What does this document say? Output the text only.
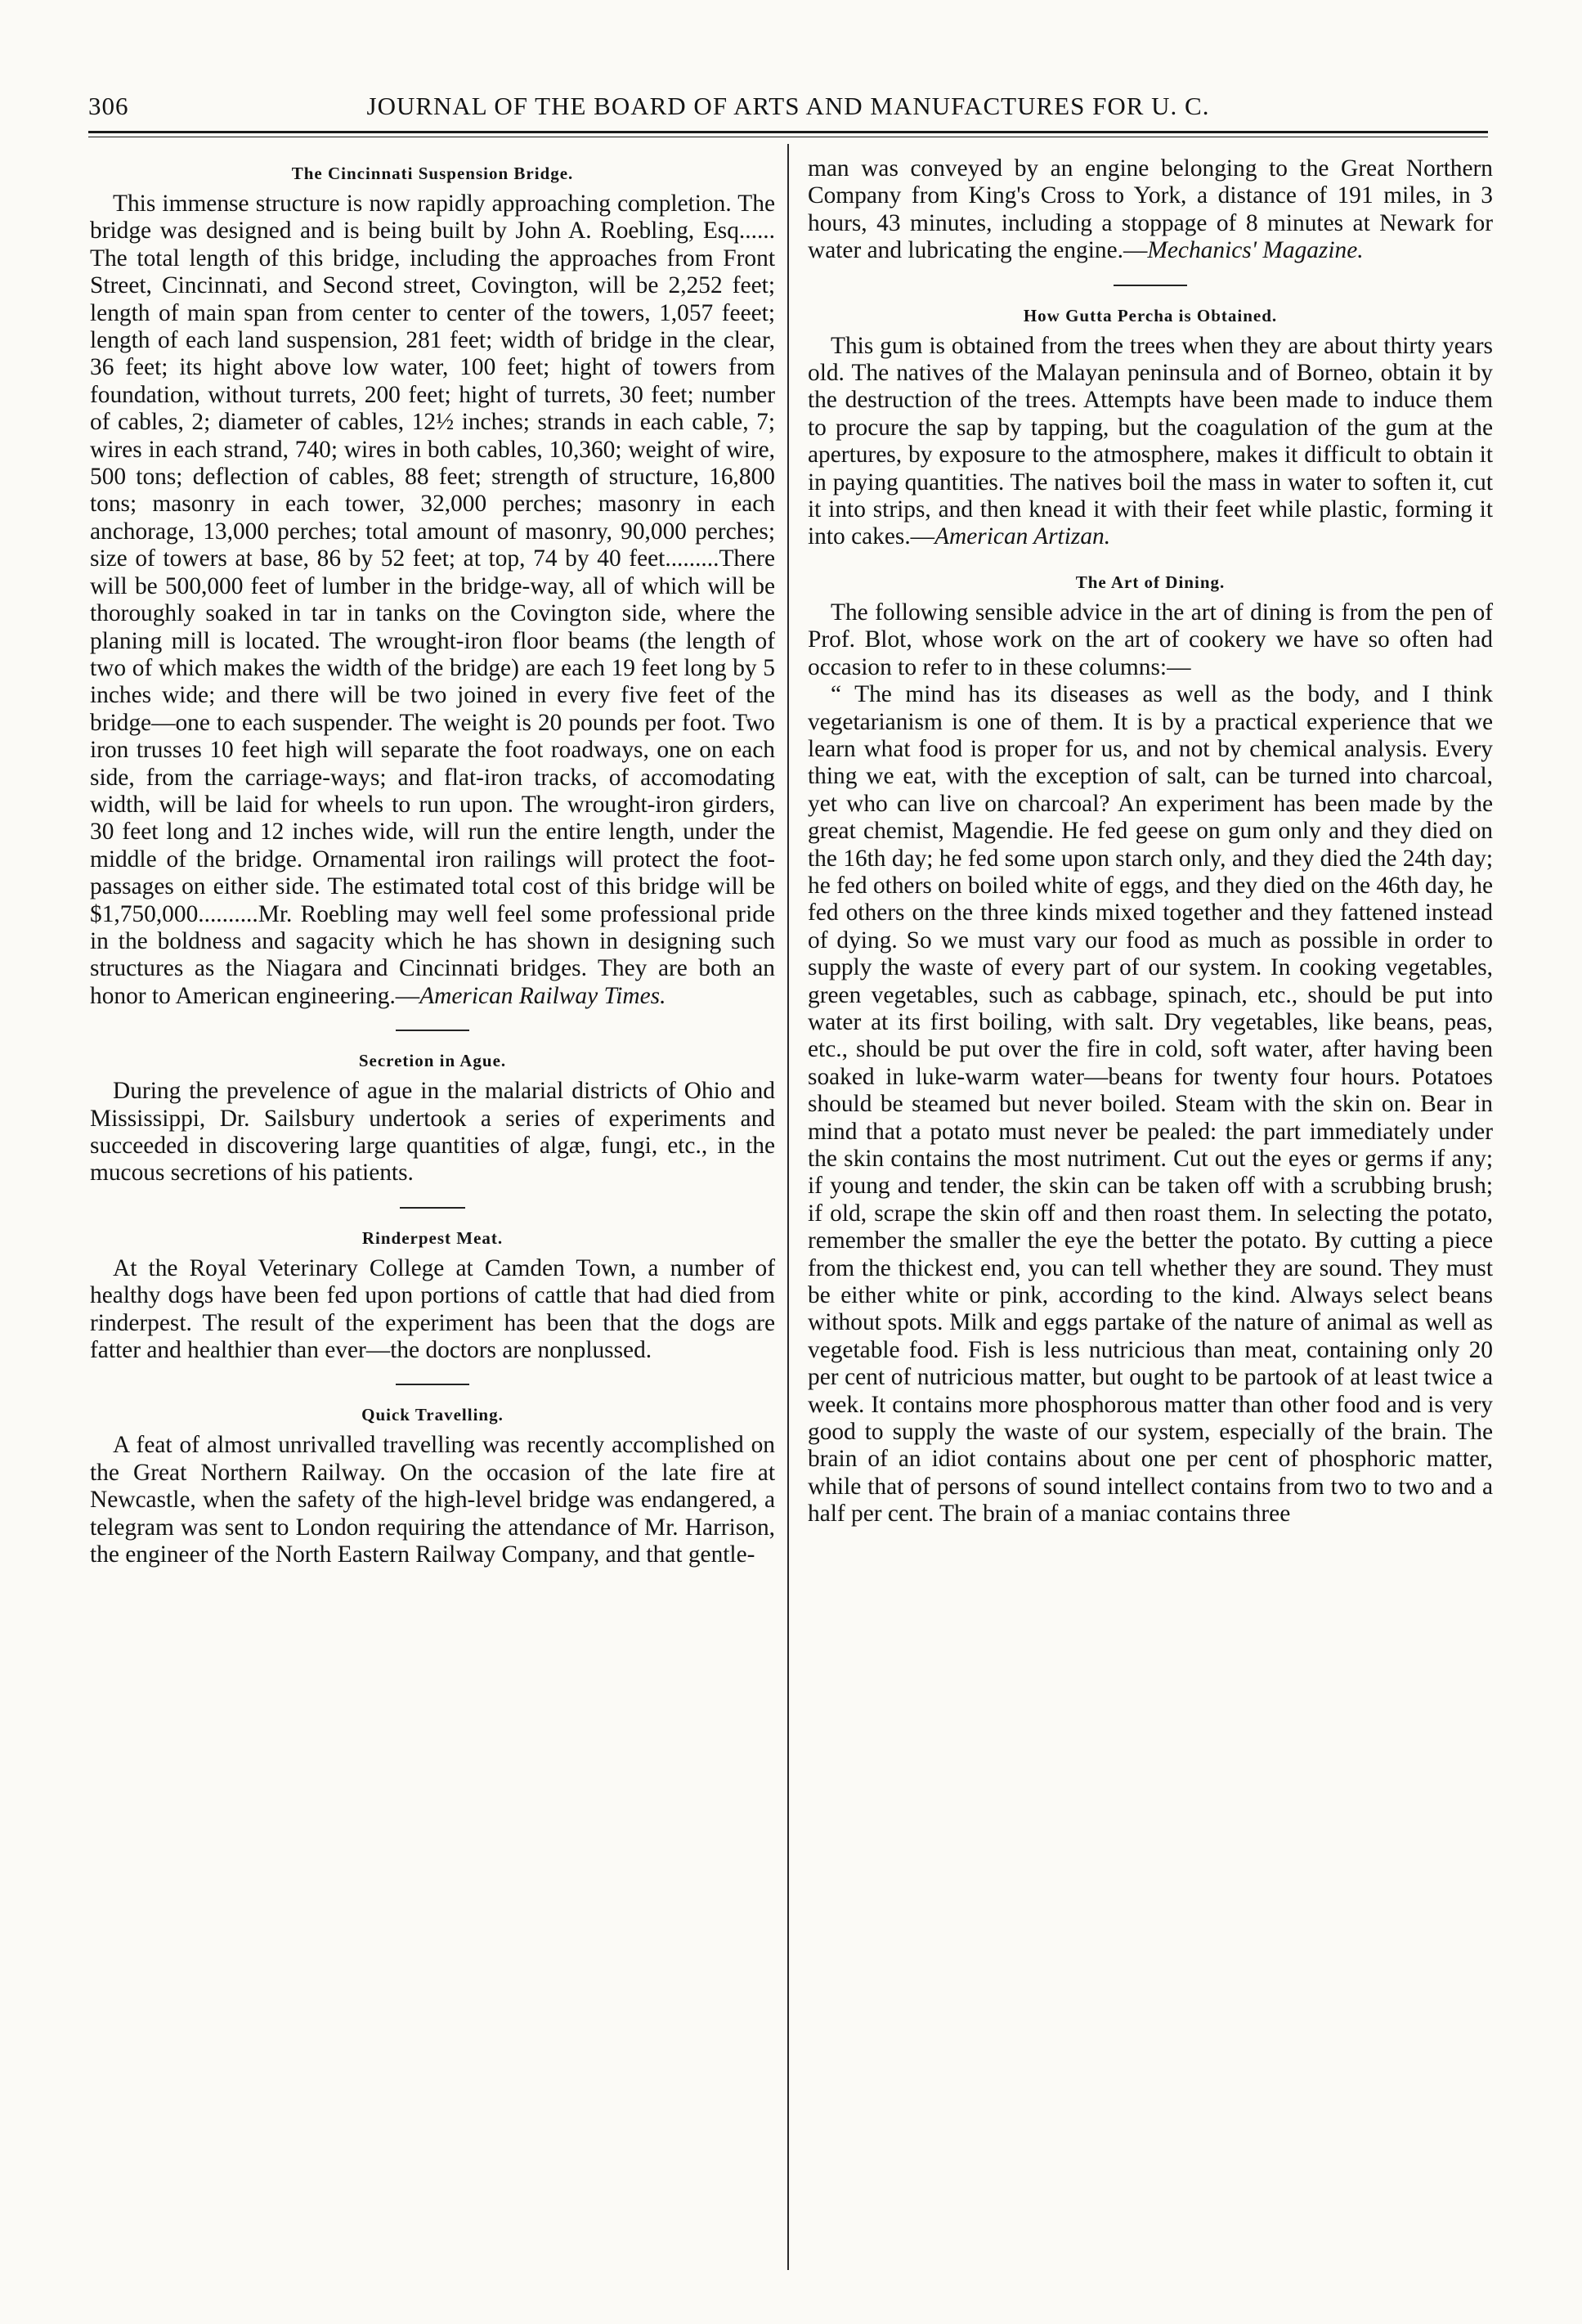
306	JOURNAL OF THE BOARD OF ARTS AND MANUFACTURES FOR U. C.
The Cincinnati Suspension Bridge.

This immense structure is now rapidly approaching completion. The bridge was designed and is being built by John A. Roebling, Esq...... The total length of this bridge, including the approaches from Front Street, Cincinnati, and Second street, Covington, will be 2,252 feet; length of main span from center to center of the towers, 1,057 feeet; length of each land suspension, 281 feet; width of bridge in the clear, 36 feet; its hight above low water, 100 feet; hight of towers from foundation, without turrets, 200 feet; hight of turrets, 30 feet; number of cables, 2; diameter of cables, 12½ inches; strands in each cable, 7; wires in each strand, 740; wires in both cables, 10,360; weight of wire, 500 tons; deflection of cables, 88 feet; strength of structure, 16,800 tons; masonry in each tower, 32,000 perches; masonry in each anchorage, 13,000 perches; total amount of masonry, 90,000 perches; size of towers at base, 86 by 52 feet; at top, 74 by 40 feet.........There will be 500,000 feet of lumber in the bridge-way, all of which will be thoroughly soaked in tar in tanks on the Covington side, where the planing mill is located. The wrought-iron floor beams (the length of two of which makes the width of the bridge) are each 19 feet long by 5 inches wide; and there will be two joined in every five feet of the bridge—one to each suspender. The weight is 20 pounds per foot. Two iron trusses 10 feet high will separate the foot roadways, one on each side, from the carriage-ways; and flat-iron tracks, of accomodating width, will be laid for wheels to run upon. The wrought-iron girders, 30 feet long and 12 inches wide, will run the entire length, under the middle of the bridge. Ornamental iron railings will protect the foot-passages on either side. The estimated total cost of this bridge will be $1,750,000..........Mr. Roebling may well feel some professional pride in the boldness and sagacity which he has shown in designing such structures as the Niagara and Cincinnati bridges. They are both an honor to American engineering.—American Railway Times.

Secretion in Ague.

During the prevelence of ague in the malarial districts of Ohio and Mississippi, Dr. Sailsbury undertook a series of experiments and succeeded in discovering large quantities of algæ, fungi, etc., in the mucous secretions of his patients.

Rinderpest Meat.

At the Royal Veterinary College at Camden Town, a number of healthy dogs have been fed upon portions of cattle that had died from rinderpest. The result of the experiment has been that the dogs are fatter and healthier than ever—the doctors are nonplussed.

Quick Travelling.

A feat of almost unrivalled travelling was recently accomplished on the Great Northern Railway. On the occasion of the late fire at Newcastle, when the safety of the high-level bridge was endangered, a telegram was sent to London requiring the attendance of Mr. Harrison, the engineer of the North Eastern Railway Company, and that gentle-

man was conveyed by an engine belonging to the Great Northern Company from King's Cross to York, a distance of 191 miles, in 3 hours, 43 minutes, including a stoppage of 8 minutes at Newark for water and lubricating the engine.—Mechanics' Magazine.

How Gutta Percha is Obtained.

This gum is obtained from the trees when they are about thirty years old. The natives of the Malayan peninsula and of Borneo, obtain it by the destruction of the trees. Attempts have been made to induce them to procure the sap by tapping, but the coagulation of the gum at the apertures, by exposure to the atmosphere, makes it difficult to obtain it in paying quantities. The natives boil the mass in water to soften it, cut it into strips, and then knead it with their feet while plastic, forming it into cakes.—American Artizan.

The Art of Dining.

The following sensible advice in the art of dining is from the pen of Prof. Blot, whose work on the art of cookery we have so often had occasion to refer to in these columns:—

“ The mind has its diseases as well as the body, and I think vegetarianism is one of them. It is by a practical experience that we learn what food is proper for us, and not by chemical analysis. Every thing we eat, with the exception of salt, can be turned into charcoal, yet who can live on charcoal? An experiment has been made by the great chemist, Magendie. He fed geese on gum only and they died on the 16th day; he fed some upon starch only, and they died the 24th day; he fed others on boiled white of eggs, and they died on the 46th day, he fed others on the three kinds mixed together and they fattened instead of dying. So we must vary our food as much as possible in order to supply the waste of every part of our system. In cooking vegetables, green vegetables, such as cabbage, spinach, etc., should be put into water at its first boiling, with salt. Dry vegetables, like beans, peas, etc., should be put over the fire in cold, soft water, after having been soaked in luke-warm water—beans for twenty four hours. Potatoes should be steamed but never boiled. Steam with the skin on. Bear in mind that a potato must never be pealed: the part immediately under the skin contains the most nutriment. Cut out the eyes or germs if any; if young and tender, the skin can be taken off with a scrubbing brush; if old, scrape the skin off and then roast them. In selecting the potato, remember the smaller the eye the better the potato. By cutting a piece from the thickest end, you can tell whether they are sound. They must be either white or pink, according to the kind. Always select beans without spots. Milk and eggs partake of the nature of animal as well as vegetable food. Fish is less nutricious than meat, containing only 20 per cent of nutricious matter, but ought to be partook of at least twice a week. It contains more phosphorous matter than other food and is very good to supply the waste of our system, especially of the brain. The brain of an idiot contains about one per cent of phosphoric matter, while that of persons of sound intellect contains from two to two and a half per cent. The brain of a maniac contains three
